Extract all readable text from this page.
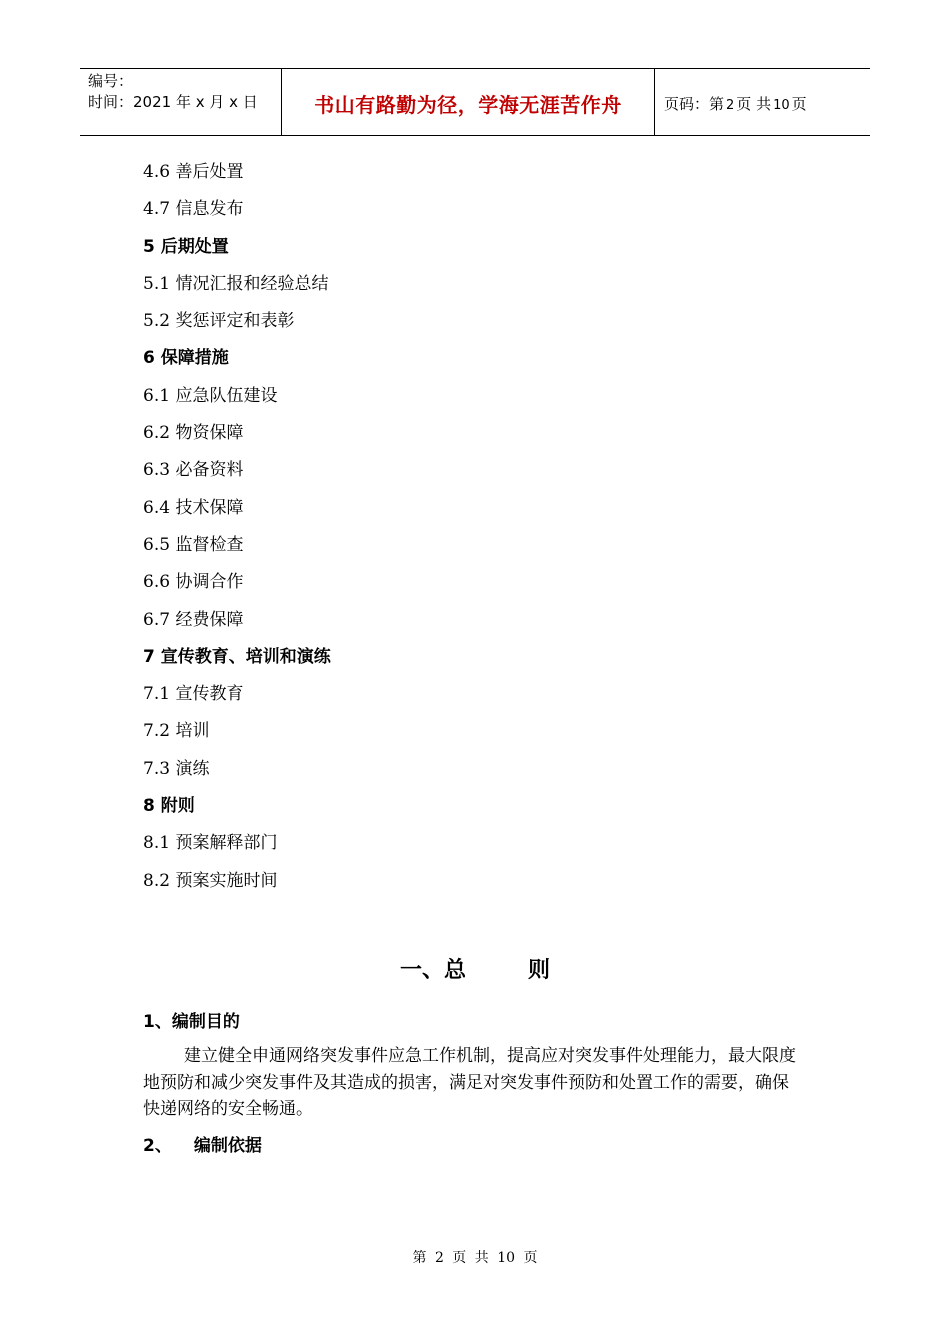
编号：
时间：2021 年 x 月 x 日	书山有路勤为径，学海无涯苦作舟	页码：第 2 页 共 10 页
4.6 善后处置
4.7 信息发布
5 后期处置
5.1 情况汇报和经验总结
5.2 奖惩评定和表彰
6 保障措施
6.1 应急队伍建设
6.2 物资保障
6.3 必备资料
6.4 技术保障
6.5 监督检查
6.6 协调合作
6.7 经费保障
7 宣传教育、培训和演练
7.1 宣传教育
7.2 培训
7.3 演练
8 附则
8.1 预案解释部门
8.2 预案实施时间
一、总	则
1、编制目的
建立健全申通网络突发事件应急工作机制，提高应对突发事件处理能力，最大限度地预防和减少突发事件及其造成的损害，满足对突发事件预防和处置工作的需要，确保快递网络的安全畅通。
2、 编制依据
第 2 页 共 10 页
